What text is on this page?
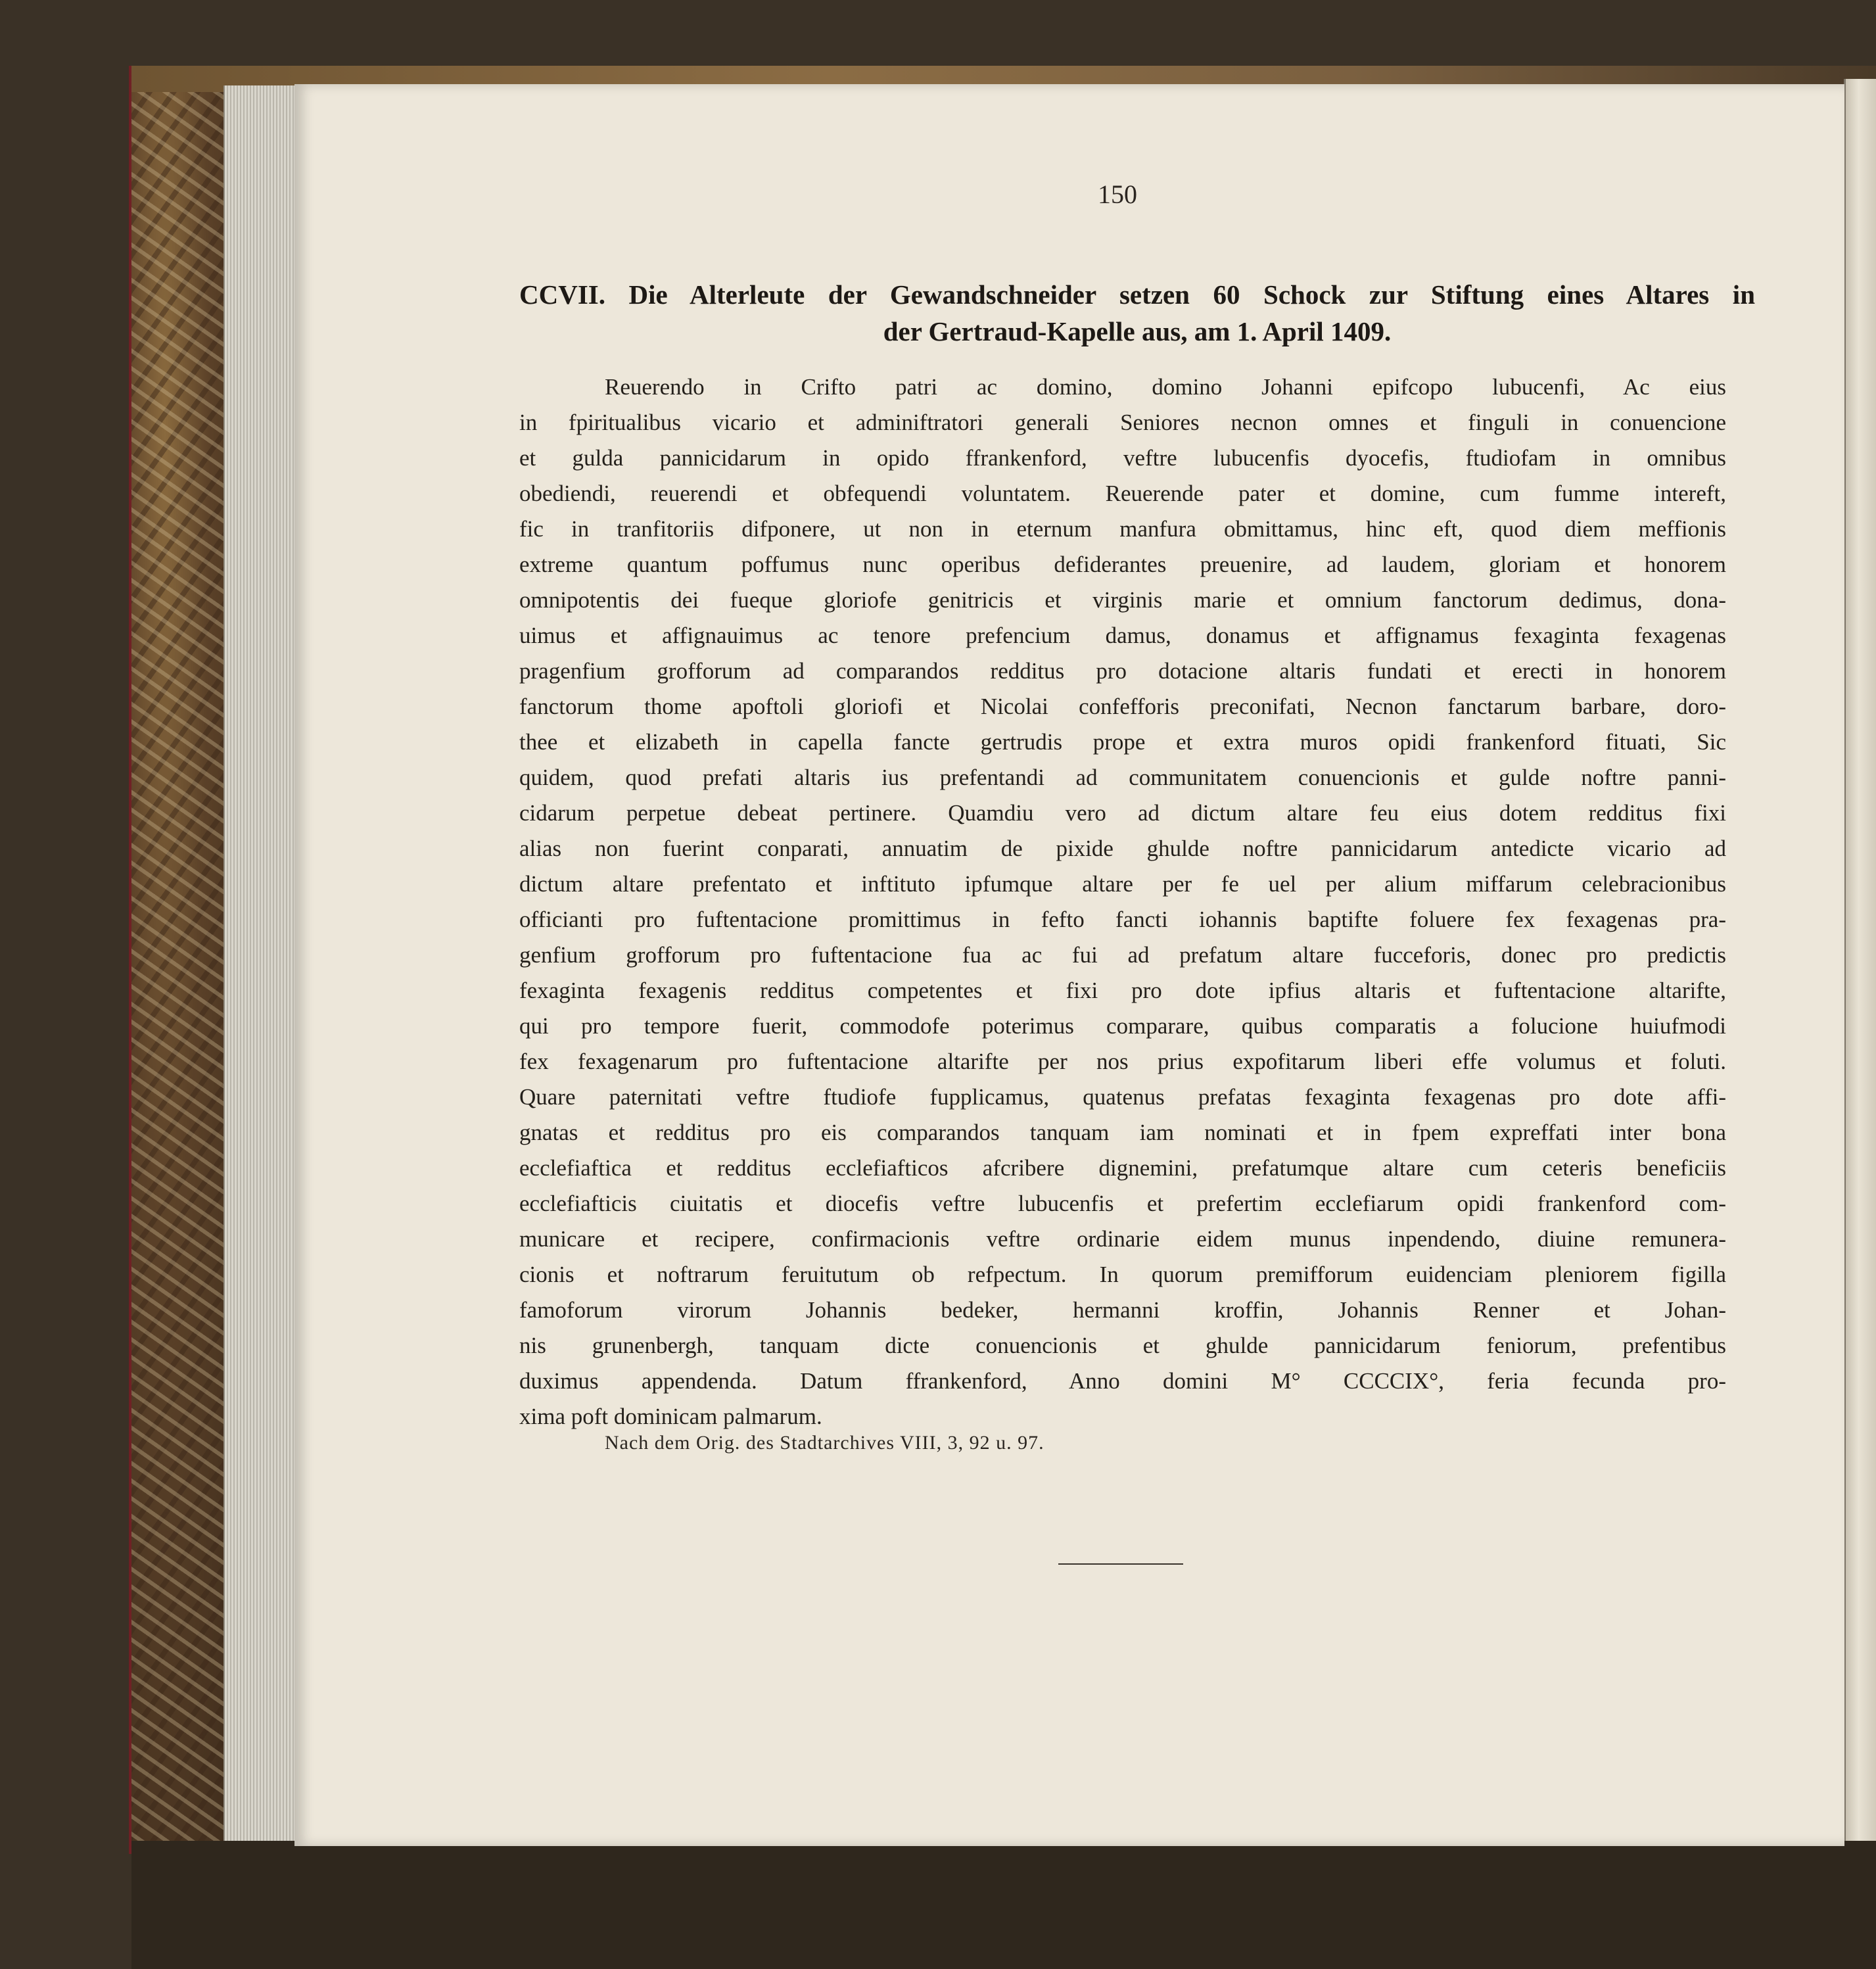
150
CCVII. Die Alterleute der Gewandschneider setzen 60 Schock zur Stiftung eines Altares in
der Gertraud-Kapelle aus, am 1. April 1409.
Reuerendo in Crifto patri ac domino, domino Johanni epifcopo lubucenfi, Ac eius
in fpiritualibus vicario et adminiftratori generali Seniores necnon omnes et finguli in conuencione
et gulda pannicidarum in opido ffrankenford, veftre lubucenfis dyocefis, ftudiofam in omnibus
obediendi, reuerendi et obfequendi voluntatem. Reuerende pater et domine, cum fumme intereft,
fic in tranfitoriis difponere, ut non in eternum manfura obmittamus, hinc eft, quod diem meffionis
extreme quantum poffumus nunc operibus defiderantes preuenire, ad laudem, gloriam et honorem
omnipotentis dei fueque gloriofe genitricis et virginis marie et omnium fanctorum dedimus, dona-
uimus et affignauimus ac tenore prefencium damus, donamus et affignamus fexaginta fexagenas
pragenfium grofforum ad comparandos redditus pro dotacione altaris fundati et erecti in honorem
fanctorum thome apoftoli gloriofi et Nicolai confefforis preconifati, Necnon fanctarum barbare, doro-
thee et elizabeth in capella fancte gertrudis prope et extra muros opidi frankenford fituati, Sic
quidem, quod prefati altaris ius prefentandi ad communitatem conuencionis et gulde noftre panni-
cidarum perpetue debeat pertinere. Quamdiu vero ad dictum altare feu eius dotem redditus fixi
alias non fuerint conparati, annuatim de pixide ghulde noftre pannicidarum antedicte vicario ad
dictum altare prefentato et inftituto ipfumque altare per fe uel per alium miffarum celebracionibus
officianti pro fuftentacione promittimus in fefto fancti iohannis baptifte foluere fex fexagenas pra-
genfium grofforum pro fuftentacione fua ac fui ad prefatum altare fucceforis, donec pro predictis
fexaginta fexagenis redditus competentes et fixi pro dote ipfius altaris et fuftentacione altarifte,
qui pro tempore fuerit, commodofe poterimus comparare, quibus comparatis a folucione huiufmodi
fex fexagenarum pro fuftentacione altarifte per nos prius expofitarum liberi effe volumus et foluti.
Quare paternitati veftre ftudiofe fupplicamus, quatenus prefatas fexaginta fexagenas pro dote affi-
gnatas et redditus pro eis comparandos tanquam iam nominati et in fpem expreffati inter bona
ecclefiaftica et redditus ecclefiafticos afcribere dignemini, prefatumque altare cum ceteris beneficiis
ecclefiafticis ciuitatis et diocefis veftre lubucenfis et prefertim ecclefiarum opidi frankenford com-
municare et recipere, confirmacionis veftre ordinarie eidem munus inpendendo, diuine remunera-
cionis et noftrarum feruitutum ob refpectum. In quorum premifforum euidenciam pleniorem figilla
famoforum virorum Johannis bedeker, hermanni kroffin, Johannis Renner et Johan-
nis grunenbergh, tanquam dicte conuencionis et ghulde pannicidarum feniorum, prefentibus
duximus appendenda. Datum ffrankenford, Anno domini M° CCCCIX°, feria fecunda pro-
xima poft dominicam palmarum.
Nach dem Orig. des Stadtarchives VIII, 3, 92 u. 97.
